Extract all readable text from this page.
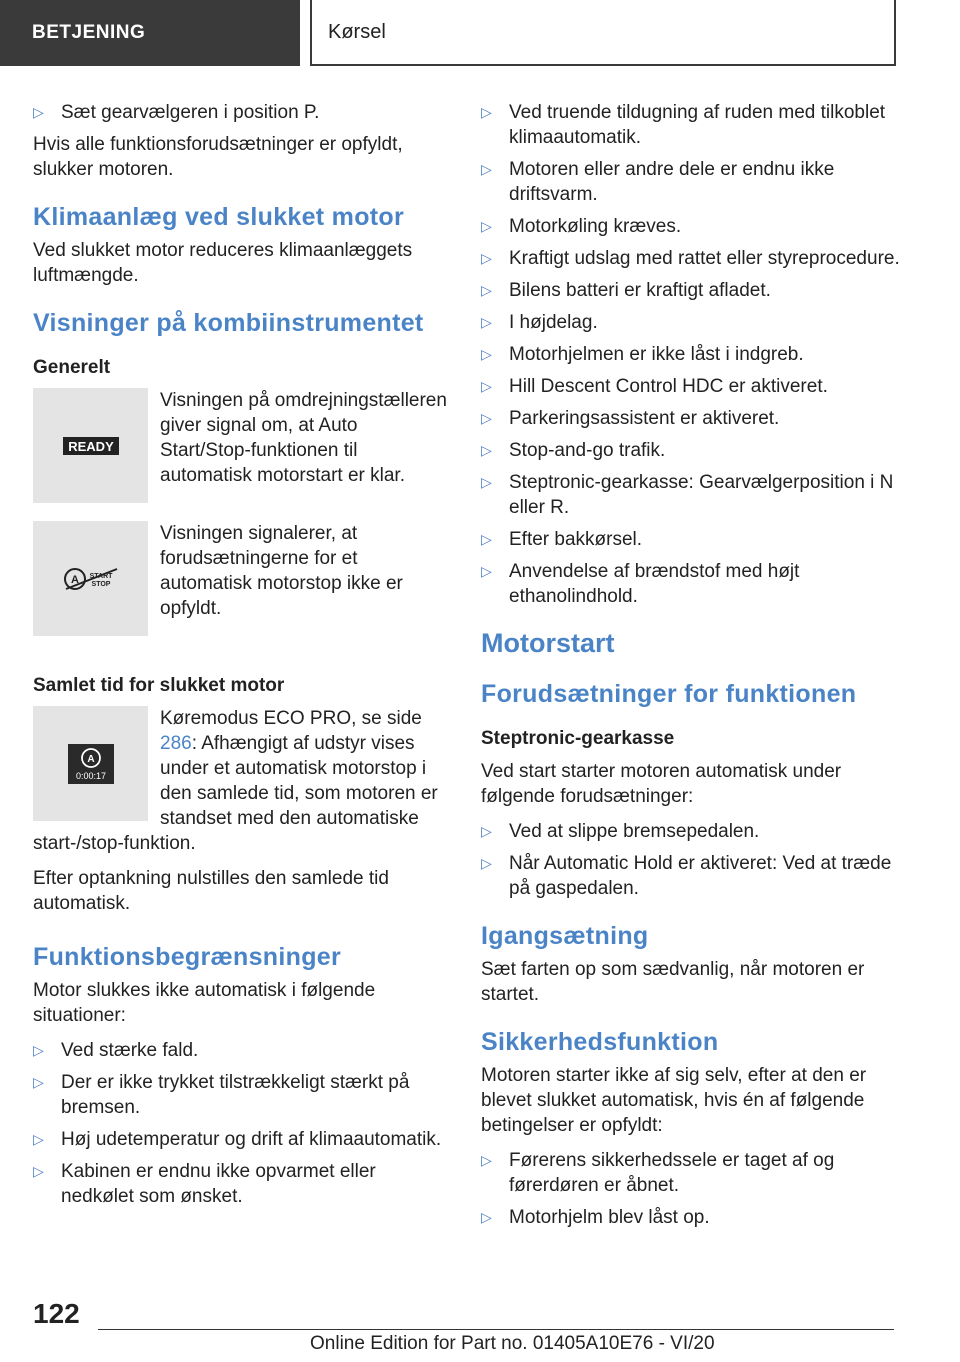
BETJENING	Kørsel
▷ Sæt gearvælgeren i position P.

Hvis alle funktionsforudsætninger er opfyldt, slukker motoren.

Klimaanlæg ved slukket motor

Ved slukket motor reduceres klimaanlæggets luftmængde.

Visninger på kombiinstrumentet
Generelt
READY

Visningen på omdrejningstælleren giver signal om, at Auto Start/Stop-funktionen til automatisk motorstart er klar.

A START
STOP

Visningen signalerer, at forudsætningerne for et automatisk motorstop ikke er opfyldt.

Samlet tid for slukket motor
A
0:00:17

Køremodus ECO PRO, se side 286: Afhængigt af udstyr vises under et automatisk motorstop i den samlede tid, som motoren er standset med den automatiske start-/stop-funktion.

Efter optankning nulstilles den samlede tid automatisk.

Funktionsbegrænsninger

Motor slukkes ikke automatisk i følgende situationer:

▷ Ved stærke fald.
▷ Der er ikke trykket tilstrækkeligt stærkt på bremsen.
▷ Høj udetemperatur og drift af klimaautomatik.
▷ Kabinen er endnu ikke opvarmet eller nedkølet som ønsket.
▷ Ved truende tildugning af ruden med tilkoblet klimaautomatik.
▷ Motoren eller andre dele er endnu ikke driftsvarm.
▷ Motorkøling kræves.
▷ Kraftigt udslag med rattet eller styreprocedure.
▷ Bilens batteri er kraftigt afladet.
▷ I højdelag.
▷ Motorhjelmen er ikke låst i indgreb.
▷ Hill Descent Control HDC er aktiveret.
▷ Parkeringsassistent er aktiveret.
▷ Stop-and-go trafik.
▷ Steptronic-gearkasse: Gearvælgerposition i N eller R.
▷ Efter bakkørsel.
▷ Anvendelse af brændstof med højt ethanolindhold.
Motorstart
Forudsætninger for funktionen
Steptronic-gearkasse

Ved start starter motoren automatisk under følgende forudsætninger:

▷ Ved at slippe bremsepedalen.
▷ Når Automatic Hold er aktiveret: Ved at træde på gaspedalen.
Igangsætning

Sæt farten op som sædvanlig, når motoren er startet.

Sikkerhedsfunktion

Motoren starter ikke af sig selv, efter at den er blevet slukket automatisk, hvis én af følgende betingelser er opfyldt:

▷ Førerens sikkerhedssele er taget af og førerdøren er åbnet.
▷ Motorhjelm blev låst op.
122
Online Edition for Part no. 01405A10E76 - VI/20
